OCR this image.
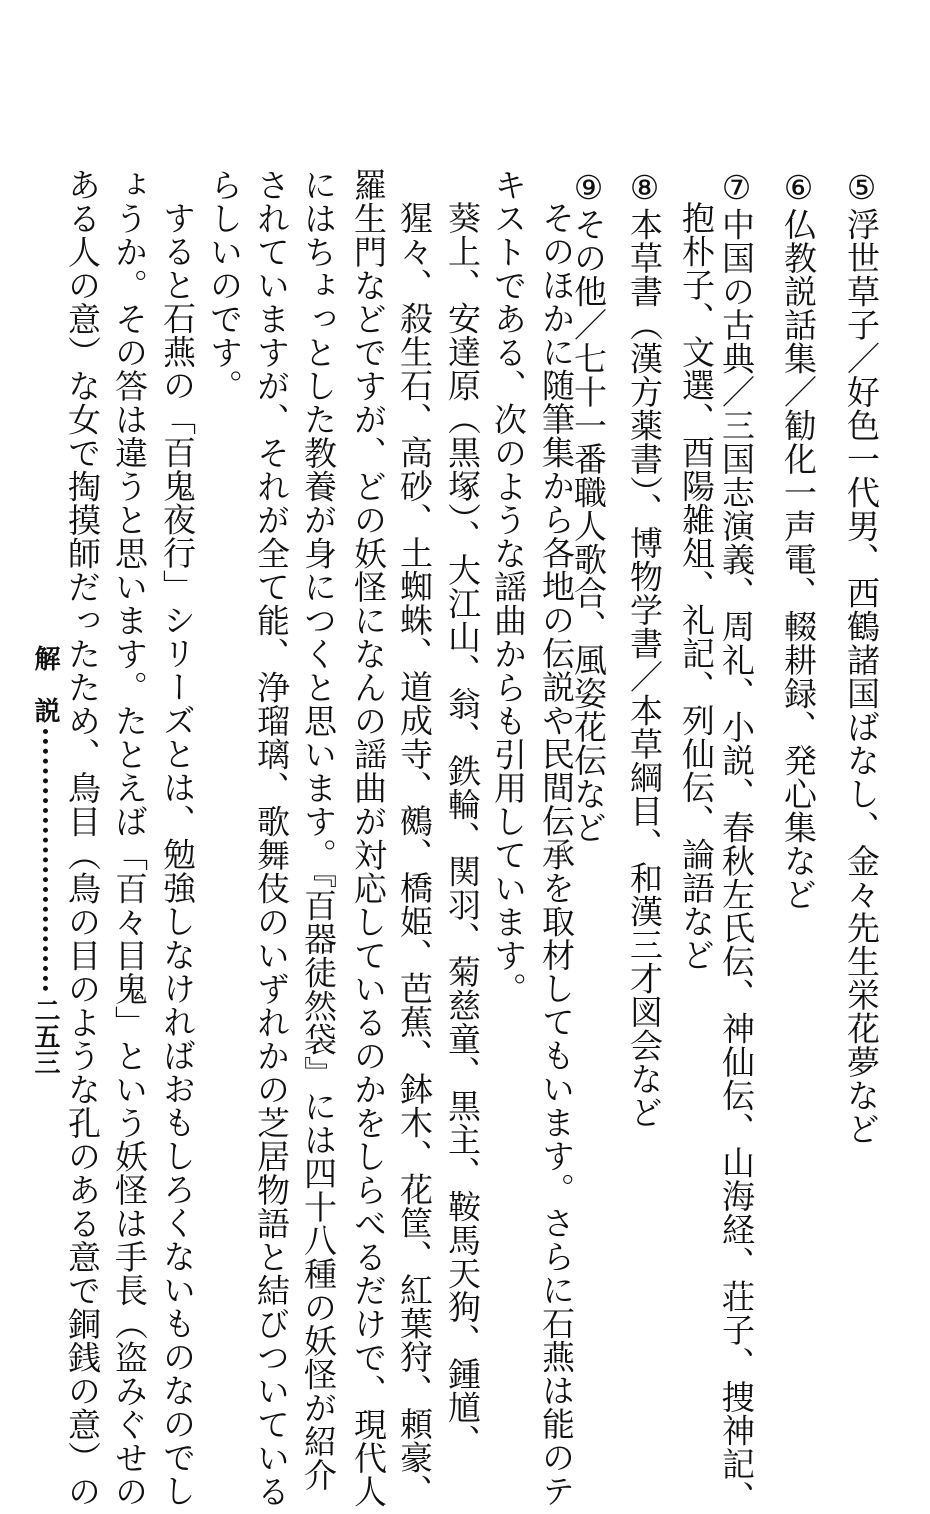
⑤浮世草子／好色一代男、西鶴諸国ばなし、金々先生栄花夢など
⑥仏教説話集／勧化一声電、輟耕録、発心集など
⑦中国の古典／三国志演義、周礼、小説、春秋左氏伝、神仙伝、山海経、荘子、捜神記、
抱朴子、文選、酉陽雑俎、礼記、列仙伝、論語など
⑧本草書（漢方薬書）、博物学書／本草綱目、和漢三才図会など
⑨その他／七十一番職人歌合、風姿花伝など
そのほかに随筆集から各地の伝説や民間伝承を取材してもいます。さらに石燕は能のテ
キストである、次のような謡曲からも引用しています。
葵上、安達原（黒塚）、大江山、翁、鉄輪、関羽、菊慈童、黒主、鞍馬天狗、鍾馗、
猩々、殺生石、高砂、土蜘蛛、道成寺、鵺、橋姫、芭蕉、鉢木、花筐、紅葉狩、頼豪、
羅生門などですが、どの妖怪になんの謡曲が対応しているのかをしらべるだけで、現代人
にはちょっとした教養が身につくと思います。『百器徒然袋』には四十八種の妖怪が紹介
されていますが、それが全て能、浄瑠璃、歌舞伎のいずれかの芝居物語と結びついている
らしいのです。
すると石燕の「百鬼夜行」シリーズとは、勉強しなければおもしろくないものなのでし
ょうか。その答は違うと思います。たとえば「百々目鬼」という妖怪は手長（盗みぐせの
ある人の意）な女で掏摸師だったため、鳥目（鳥の目のような孔のある意で銅銭の意）の
解　説
二五三
